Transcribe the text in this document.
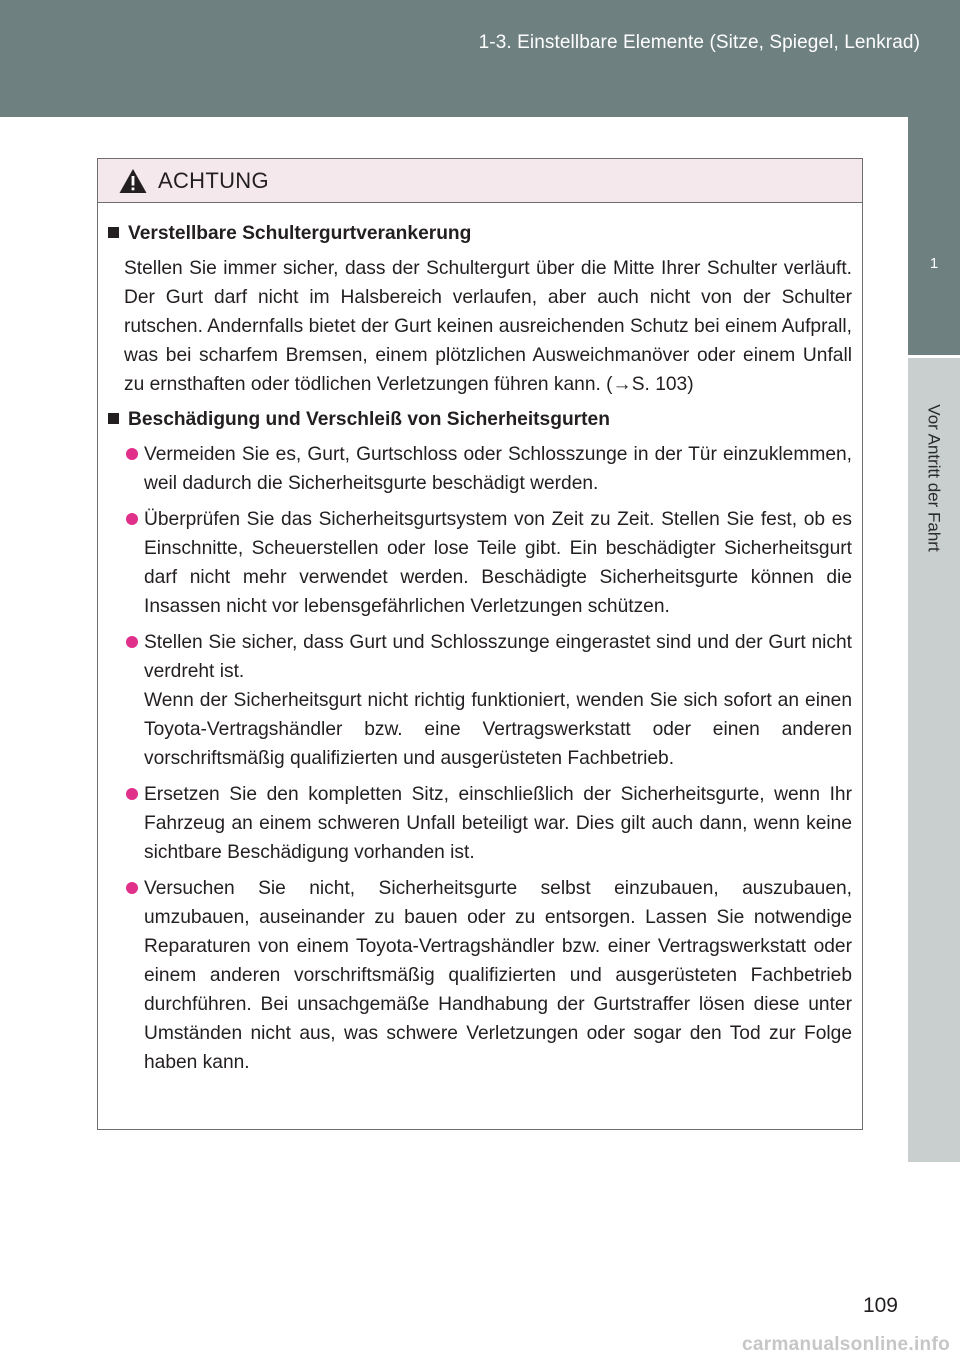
1-3. Einstellbare Elemente (Sitze, Spiegel, Lenkrad)
1
Vor Antritt der Fahrt
ACHTUNG
Verstellbare Schultergurtverankerung

Stellen Sie immer sicher, dass der Schultergurt über die Mitte Ihrer Schulter verläuft. Der Gurt darf nicht im Halsbereich verlaufen, aber auch nicht von der Schulter rutschen. Andernfalls bietet der Gurt keinen ausreichenden Schutz bei einem Aufprall, was bei scharfem Bremsen, einem plötzlichen Ausweichmanöver oder einem Unfall zu ernsthaften oder tödlichen Verletzungen führen kann. (→S. 103)

Beschädigung und Verschleiß von Sicherheitsgurten
Vermeiden Sie es, Gurt, Gurtschloss oder Schlosszunge in der Tür einzuklemmen, weil dadurch die Sicherheitsgurte beschädigt werden.
Überprüfen Sie das Sicherheitsgurtsystem von Zeit zu Zeit. Stellen Sie fest, ob es Einschnitte, Scheuerstellen oder lose Teile gibt. Ein beschädigter Sicherheitsgurt darf nicht mehr verwendet werden. Beschädigte Sicherheitsgurte können die Insassen nicht vor lebensgefährlichen Verletzungen schützen.

Stellen Sie sicher, dass Gurt und Schlosszunge eingerastet sind und der Gurt nicht verdreht ist.

Wenn der Sicherheitsgurt nicht richtig funktioniert, wenden Sie sich sofort an einen Toyota-Vertragshändler bzw. eine Vertragswerkstatt oder einen anderen vorschriftsmäßig qualifizierten und ausgerüsteten Fachbetrieb.

Ersetzen Sie den kompletten Sitz, einschließlich der Sicherheitsgurte, wenn Ihr Fahrzeug an einem schweren Unfall beteiligt war. Dies gilt auch dann, wenn keine sichtbare Beschädigung vorhanden ist.
Versuchen Sie nicht, Sicherheitsgurte selbst einzubauen, auszubauen, umzubauen, auseinander zu bauen oder zu entsorgen. Lassen Sie notwendige Reparaturen von einem Toyota-Vertragshändler bzw. einer Vertragswerkstatt oder einem anderen vorschriftsmäßig qualifizierten und ausgerüsteten Fachbetrieb durchführen. Bei unsachgemäße Handhabung der Gurtstraffer lösen diese unter Umständen nicht aus, was schwere Verletzungen oder sogar den Tod zur Folge haben kann.
109
carmanualsonline.info
